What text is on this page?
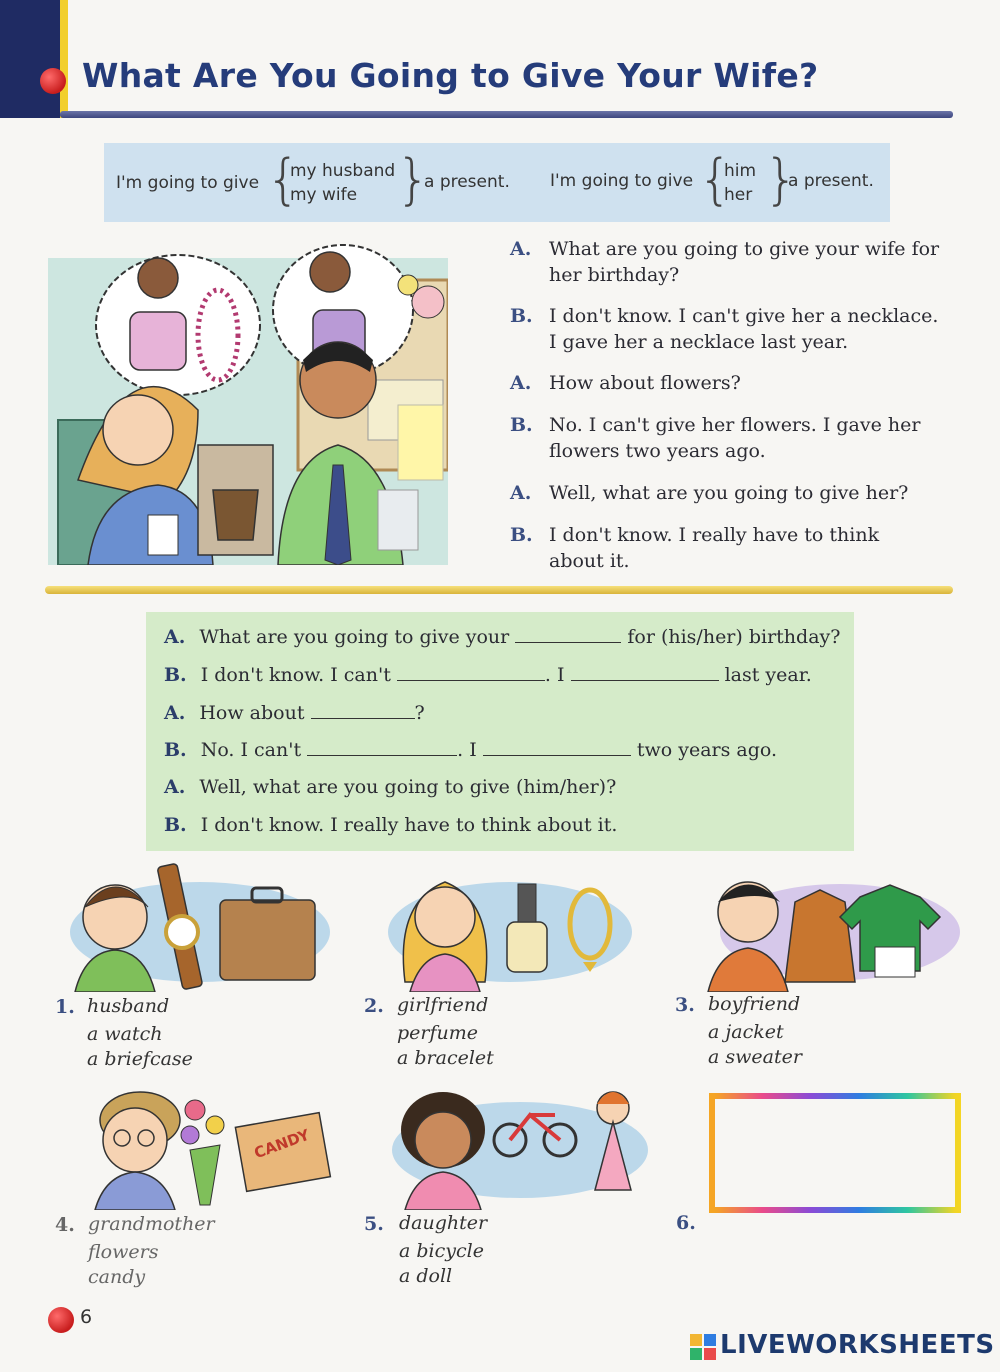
What Are You Going to Give Your Wife?
I'm going to give {
my husband
my wife }
a present. I'm going to give {
him
her }
a present.
A. What are you going to give your wife for
her birthday?
B. I don't know. I can't give her a necklace.
I gave her a necklace last year.
A. How about flowers?
B. No. I can't give her flowers. I gave her
flowers two years ago.
A. Well, what are you going to give her?
B. I don't know. I really have to think
about it.
A. What are you going to give your	for (his/her) birthday?
B. I don't know. I can't	. I	last year.
A. How about	?
B. No. I can't	. I	two years ago.
A. Well, what are you going to give (him/her)?
B. I don't know. I really have to think about it.
1. husband
a watch
a briefcase
2. girlfriend
perfume
a bracelet
3. boyfriend
a jacket
a sweater
CANDY
4. grandmother
flowers
candy
5. daughter
a bicycle
a doll
6.
6
LIVEWORKSHEETS
